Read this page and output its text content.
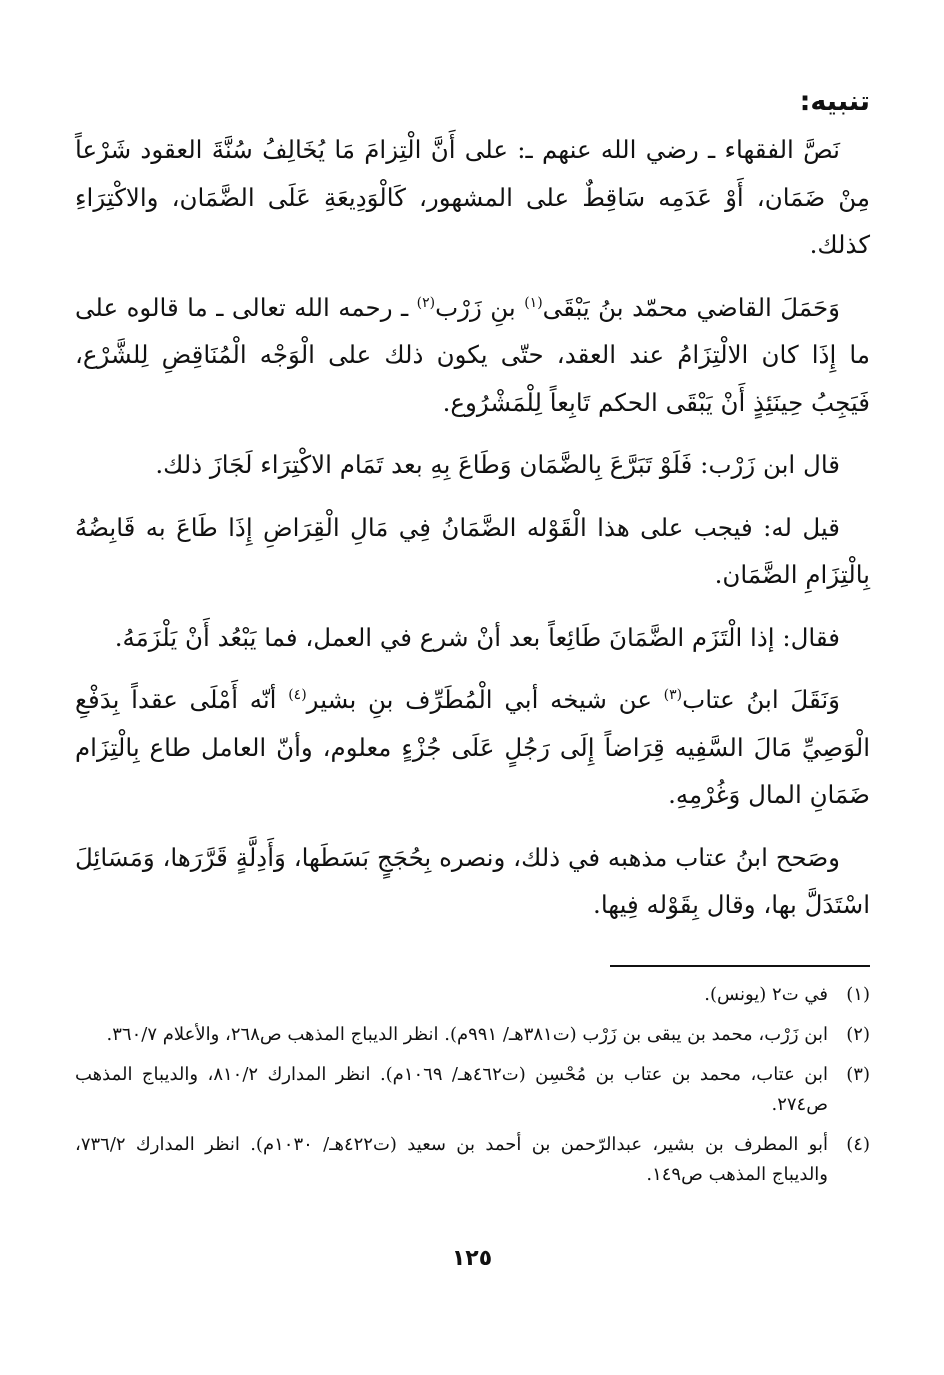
تنبيه:

نَصَّ الفقهاء ـ رضي الله عنهم ـ: على أَنَّ الْتِزامَ مَا يُخَالِفُ سُنَّةَ العقود شَرْعاً مِنْ ضَمَان، أَوْ عَدَمِه سَاقِطٌ على المشهور، كَالْوَدِيعَةِ عَلَى الضَّمَان، والاكْتِرَاءِ كذلك.

وَحَمَلَ القاضي محمّد بنُ يَبْقَى$^{(١)}$ بنِ زَرْب$^{(٢)}$ ـ رحمه الله تعالى ـ ما قالوه على ما إِذَا كان الالْتِزَامُ عند العقد، حتّى يكون ذلك على الْوَجْه الْمُنَاقِضِ لِلشَّرْع، فَيَجِبُ حِينَئِذٍ أَنْ يَبْقَى الحكم تَابِعاً لِلْمَشْرُوع.

قال ابن زَرْب: فَلَوْ تَبَرَّعَ بِالضَّمَان وَطَاعَ بِهِ بعد تَمَام الاكْتِرَاء لَجَازَ ذلك.

قيل له: فيجب على هذا الْقَوْله الضَّمَانُ فِي مَالِ الْقِرَاضِ إِذَا طَاعَ به قَابِضُهُ بِالْتِزَامِ الضَّمَان.

فقال: إذا الْتَزَم الضَّمَانَ طَائِعاً بعد أنْ شرع في العمل، فما يَبْعُد أَنْ يَلْزَمَهُ.

وَنَقَلَ ابنُ عتاب$^{(٣)}$ عن شيخه أبي الْمُطَرِّف بنِ بشير$^{(٤)}$ أنّه أَمْلَى عقداً بِدَفْعِ الْوَصِيِّ مَالَ السَّفِيه قِرَاضاً إِلَى رَجُلٍ عَلَى جُزْءٍ معلوم، وأنّ العامل طاع بِالْتِزَام ضَمَانِ المال وَغُرْمِهِ.

وصَحح ابنُ عتاب مذهبه في ذلك، ونصره بِحُجَجٍ بَسَطَها، وَأَدِلَّةٍ قَرَّرَها، وَمَسَائِلَ اسْتَدَلَّ بها، وقال بِقَوْله فِيها.

(١)
في ت٢ (يونس).
(٢)
ابن زَرْب، محمد بن يبقى بن زَرْب (ت٣٨١هـ/ ٩٩١م). انظر الديباج المذهب ص٢٦٨، والأعلام ٣٦٠/٧.
(٣)
ابن عتاب، محمد بن عتاب بن مُحْسِن (ت٤٦٢هـ/ ١٠٦٩م). انظر المدارك ٨١٠/٢، والديباج المذهب ص٢٧٤.
(٤)
أبو المطرف بن بشير، عبدالرّحمن بن أحمد بن سعيد (ت٤٢٢هـ/ ١٠٣٠م). انظر المدارك ٧٣٦/٢، والديباج المذهب ص١٤٩.
١٢٥
